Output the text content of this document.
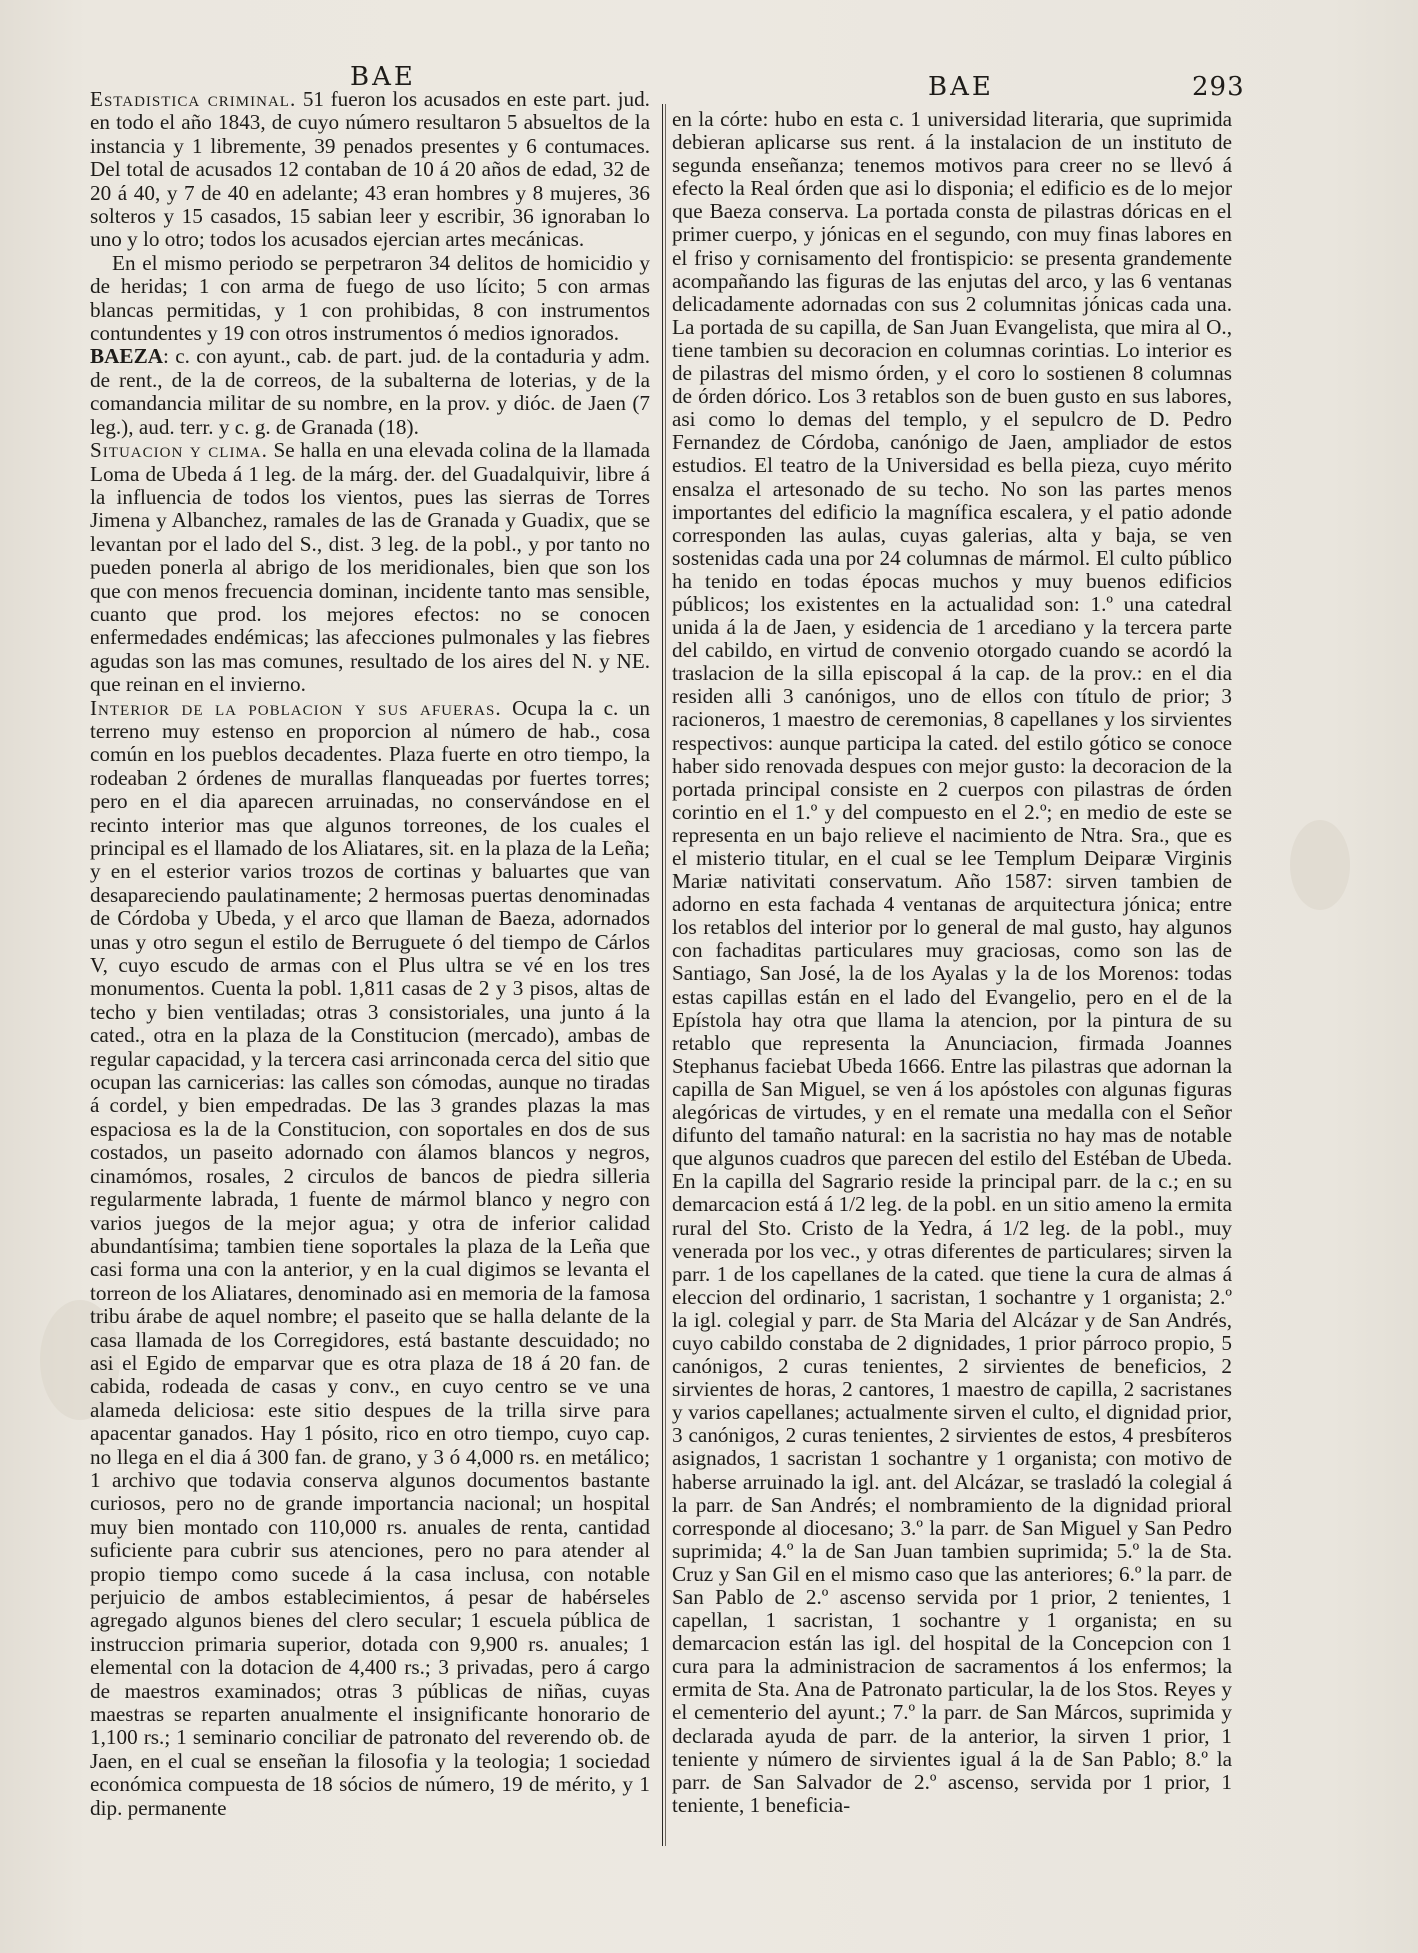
BAE	BAE	293

Estadistica criminal. 51 fueron los acusados en este part. jud. en todo el año 1843, de cuyo número resultaron 5 absueltos de la instancia y 1 libremente, 39 penados presentes y 6 contumaces. Del total de acusados 12 contaban de 10 á 20 años de edad, 32 de 20 á 40, y 7 de 40 en adelante; 43 eran hombres y 8 mujeres, 36 solteros y 15 casados, 15 sabian leer y escribir, 36 ignoraban lo uno y lo otro; todos los acusados ejercian artes mecánicas.

En el mismo periodo se perpetraron 34 delitos de homicidio y de heridas; 1 con arma de fuego de uso lícito; 5 con armas blancas permitidas, y 1 con prohibidas, 8 con instrumentos contundentes y 19 con otros instrumentos ó medios ignorados.

BAEZA: c. con ayunt., cab. de part. jud. de la contaduria y adm. de rent., de la de correos, de la subalterna de loterias, y de la comandancia militar de su nombre, en la prov. y dióc. de Jaen (7 leg.), aud. terr. y c. g. de Granada (18).

Situacion y clima. Se halla en una elevada colina de la llamada Loma de Ubeda á 1 leg. de la márg. der. del Guadalquivir, libre á la influencia de todos los vientos, pues las sierras de Torres Jimena y Albanchez, ramales de las de Granada y Guadix, que se levantan por el lado del S., dist. 3 leg. de la pobl., y por tanto no pueden ponerla al abrigo de los meridionales, bien que son los que con menos frecuencia dominan, incidente tanto mas sensible, cuanto que prod. los mejores efectos: no se conocen enfermedades endémicas; las afecciones pulmonales y las fiebres agudas son las mas comunes, resultado de los aires del N. y NE. que reinan en el invierno.

Interior de la poblacion y sus afueras. Ocupa la c. un terreno muy estenso en proporcion al número de hab., cosa común en los pueblos decadentes. Plaza fuerte en otro tiempo, la rodeaban 2 órdenes de murallas flanqueadas por fuertes torres; pero en el dia aparecen arruinadas, no conservándose en el recinto interior mas que algunos torreones, de los cuales el principal es el llamado de los Aliatares, sit. en la plaza de la Leña; y en el esterior varios trozos de cortinas y baluartes que van desapareciendo paulatinamente; 2 hermosas puertas denominadas de Córdoba y Ubeda, y el arco que llaman de Baeza, adornados unas y otro segun el estilo de Berruguete ó del tiempo de Cárlos V, cuyo escudo de armas con el Plus ultra se vé en los tres monumentos. Cuenta la pobl. 1,811 casas de 2 y 3 pisos, altas de techo y bien ventiladas; otras 3 consistoriales, una junto á la cated., otra en la plaza de la Constitucion (mercado), ambas de regular capacidad, y la tercera casi arrinconada cerca del sitio que ocupan las carnicerias: las calles son cómodas, aunque no tiradas á cordel, y bien empedradas. De las 3 grandes plazas la mas espaciosa es la de la Constitucion, con soportales en dos de sus costados, un paseito adornado con álamos blancos y negros, cinamómos, rosales, 2 circulos de bancos de piedra silleria regularmente labrada, 1 fuente de mármol blanco y negro con varios juegos de la mejor agua; y otra de inferior calidad abundantísima; tambien tiene soportales la plaza de la Leña que casi forma una con la anterior, y en la cual digimos se levanta el torreon de los Aliatares, denominado asi en memoria de la famosa tribu árabe de aquel nombre; el paseito que se halla delante de la casa llamada de los Corregidores, está bastante descuidado; no asi el Egido de emparvar que es otra plaza de 18 á 20 fan. de cabida, rodeada de casas y conv., en cuyo centro se ve una alameda deliciosa: este sitio despues de la trilla sirve para apacentar ganados. Hay 1 pósito, rico en otro tiempo, cuyo cap. no llega en el dia á 300 fan. de grano, y 3 ó 4,000 rs. en metálico; 1 archivo que todavia conserva algunos documentos bastante curiosos, pero no de grande importancia nacional; un hospital muy bien montado con 110,000 rs. anuales de renta, cantidad suficiente para cubrir sus atenciones, pero no para atender al propio tiempo como sucede á la casa inclusa, con notable perjuicio de ambos establecimientos, á pesar de habérseles agregado algunos bienes del clero secular; 1 escuela pública de instruccion primaria superior, dotada con 9,900 rs. anuales; 1 elemental con la dotacion de 4,400 rs.; 3 privadas, pero á cargo de maestros examinados; otras 3 públicas de niñas, cuyas maestras se reparten anualmente el insignificante honorario de 1,100 rs.; 1 seminario conciliar de patronato del reverendo ob. de Jaen, en el cual se enseñan la filosofia y la teologia; 1 sociedad económica compuesta de 18 sócios de número, 19 de mérito, y 1 dip. permanente

en la córte: hubo en esta c. 1 universidad literaria, que suprimida debieran aplicarse sus rent. á la instalacion de un instituto de segunda enseñanza; tenemos motivos para creer no se llevó á efecto la Real órden que asi lo disponia; el edificio es de lo mejor que Baeza conserva. La portada consta de pilastras dóricas en el primer cuerpo, y jónicas en el segundo, con muy finas labores en el friso y cornisamento del frontispicio: se presenta grandemente acompañando las figuras de las enjutas del arco, y las 6 ventanas delicadamente adornadas con sus 2 columnitas jónicas cada una. La portada de su capilla, de San Juan Evangelista, que mira al O., tiene tambien su decoracion en columnas corintias. Lo interior es de pilastras del mismo órden, y el coro lo sostienen 8 columnas de órden dórico. Los 3 retablos son de buen gusto en sus labores, asi como lo demas del templo, y el sepulcro de D. Pedro Fernandez de Córdoba, canónigo de Jaen, ampliador de estos estudios. El teatro de la Universidad es bella pieza, cuyo mérito ensalza el artesonado de su techo. No son las partes menos importantes del edificio la magnífica escalera, y el patio adonde corresponden las aulas, cuyas galerias, alta y baja, se ven sostenidas cada una por 24 columnas de mármol. El culto público ha tenido en todas épocas muchos y muy buenos edificios públicos; los existentes en la actualidad son: 1.º una catedral unida á la de Jaen, y esidencia de 1 arcediano y la tercera parte del cabildo, en virtud de convenio otorgado cuando se acordó la traslacion de la silla episcopal á la cap. de la prov.: en el dia residen alli 3 canónigos, uno de ellos con título de prior; 3 racioneros, 1 maestro de ceremonias, 8 capellanes y los sirvientes respectivos: aunque participa la cated. del estilo gótico se conoce haber sido renovada despues con mejor gusto: la decoracion de la portada principal consiste en 2 cuerpos con pilastras de órden corintio en el 1.º y del compuesto en el 2.º; en medio de este se representa en un bajo relieve el nacimiento de Ntra. Sra., que es el misterio titular, en el cual se lee Templum Deiparæ Virginis Mariæ nativitati conservatum. Año 1587: sirven tambien de adorno en esta fachada 4 ventanas de arquitectura jónica; entre los retablos del interior por lo general de mal gusto, hay algunos con fachaditas particulares muy graciosas, como son las de Santiago, San José, la de los Ayalas y la de los Morenos: todas estas capillas están en el lado del Evangelio, pero en el de la Epístola hay otra que llama la atencion, por la pintura de su retablo que representa la Anunciacion, firmada Joannes Stephanus faciebat Ubeda 1666. Entre las pilastras que adornan la capilla de San Miguel, se ven á los apóstoles con algunas figuras alegóricas de virtudes, y en el remate una medalla con el Señor difunto del tamaño natural: en la sacristia no hay mas de notable que algunos cuadros que parecen del estilo del Estéban de Ubeda. En la capilla del Sagrario reside la principal parr. de la c.; en su demarcacion está á 1/2 leg. de la pobl. en un sitio ameno la ermita rural del Sto. Cristo de la Yedra, á 1/2 leg. de la pobl., muy venerada por los vec., y otras diferentes de particulares; sirven la parr. 1 de los capellanes de la cated. que tiene la cura de almas á eleccion del ordinario, 1 sacristan, 1 sochantre y 1 organista; 2.º la igl. colegial y parr. de Sta Maria del Alcázar y de San Andrés, cuyo cabildo constaba de 2 dignidades, 1 prior párroco propio, 5 canónigos, 2 curas tenientes, 2 sirvientes de beneficios, 2 sirvientes de horas, 2 cantores, 1 maestro de capilla, 2 sacristanes y varios capellanes; actualmente sirven el culto, el dignidad prior, 3 canónigos, 2 curas tenientes, 2 sirvientes de estos, 4 presbíteros asignados, 1 sacristan 1 sochantre y 1 organista; con motivo de haberse arruinado la igl. ant. del Alcázar, se trasladó la colegial á la parr. de San Andrés; el nombramiento de la dignidad prioral corresponde al diocesano; 3.º la parr. de San Miguel y San Pedro suprimida; 4.º la de San Juan tambien suprimida; 5.º la de Sta. Cruz y San Gil en el mismo caso que las anteriores; 6.º la parr. de San Pablo de 2.º ascenso servida por 1 prior, 2 tenientes, 1 capellan, 1 sacristan, 1 sochantre y 1 organista; en su demarcacion están las igl. del hospital de la Concepcion con 1 cura para la administracion de sacramentos á los enfermos; la ermita de Sta. Ana de Patronato particular, la de los Stos. Reyes y el cementerio del ayunt.; 7.º la parr. de San Márcos, suprimida y declarada ayuda de parr. de la anterior, la sirven 1 prior, 1 teniente y número de sirvientes igual á la de San Pablo; 8.º la parr. de San Salvador de 2.º ascenso, servida por 1 prior, 1 teniente, 1 beneficia-
